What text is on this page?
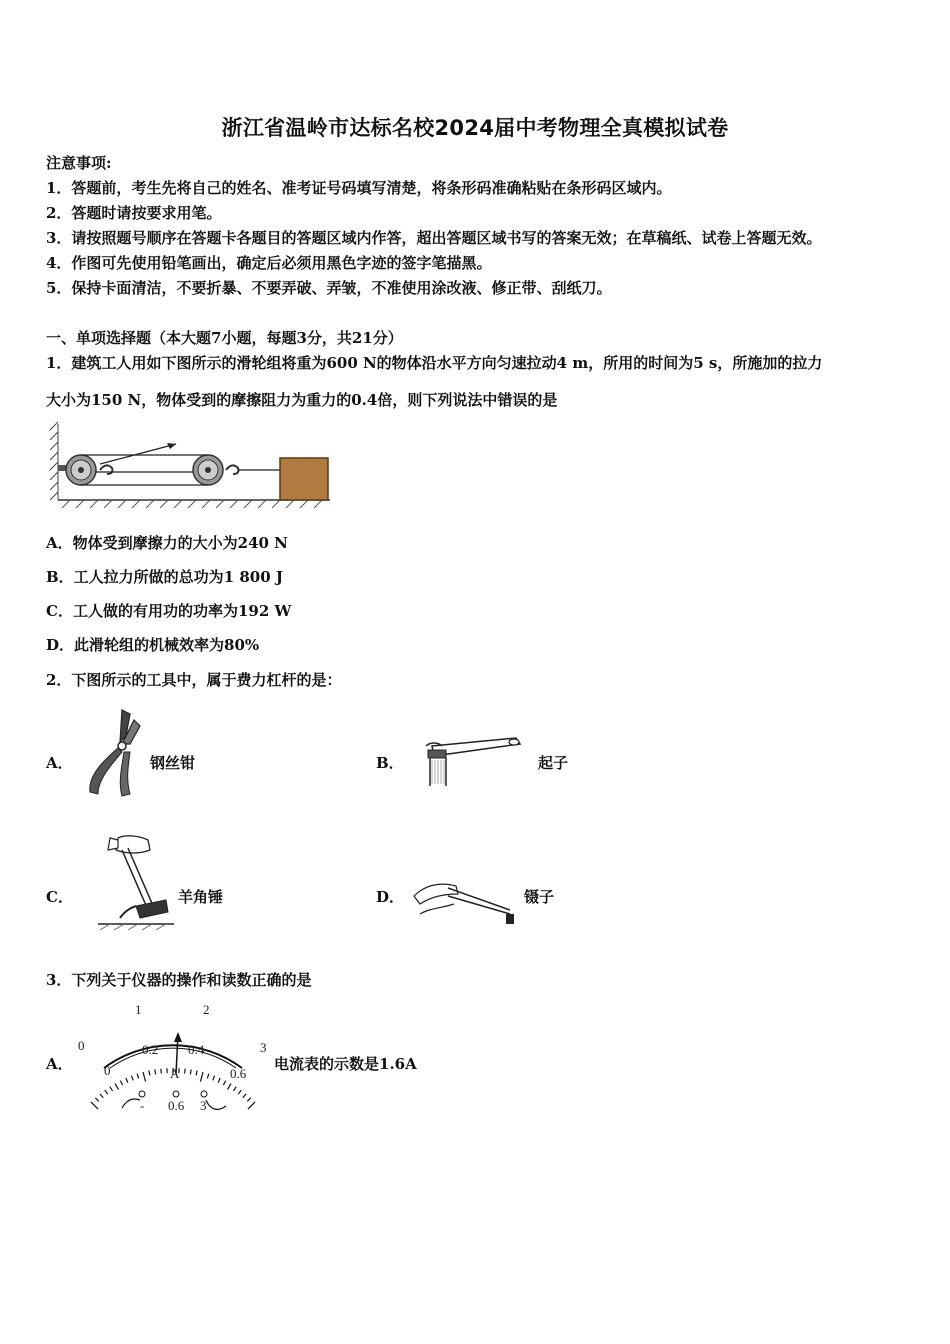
浙江省温岭市达标名校2024届中考物理全真模拟试卷
注意事项:
1．答题前，考生先将自己的姓名、准考证号码填写清楚，将条形码准确粘贴在条形码区域内。
2．答题时请按要求用笔。
3．请按照题号顺序在答题卡各题目的答题区域内作答，超出答题区域书写的答案无效；在草稿纸、试卷上答题无效。
4．作图可先使用铅笔画出，确定后必须用黑色字迹的签字笔描黑。
5．保持卡面清洁，不要折暴、不要弄破、弄皱，不准使用涂改液、修正带、刮纸刀。
一、单项选择题（本大题7小题，每题3分，共21分）
1．建筑工人用如下图所示的滑轮组将重为600 N的物体沿水平方向匀速拉动4 m，所用的时间为5 s，所施加的拉力
大小为150 N，物体受到的摩擦阻力为重力的0.4倍，则下列说法中错误的是
A．物体受到摩擦力的大小为240 N
B．工人拉力所做的总功为1 800 J
C．工人做的有用功的功率为192 W
D．此滑轮组的机械效率为80%
2．下图所示的工具中，属于费力杠杆的是：
A．	钢丝钳	B．	起子
C．	羊角锤	D．	镊子
3．下列关于仪器的操作和读数正确的是
A．
0
1	2
3
0
0.2 0.4
0.6
A
- 0.6 3
电流表的示数是1.6A
